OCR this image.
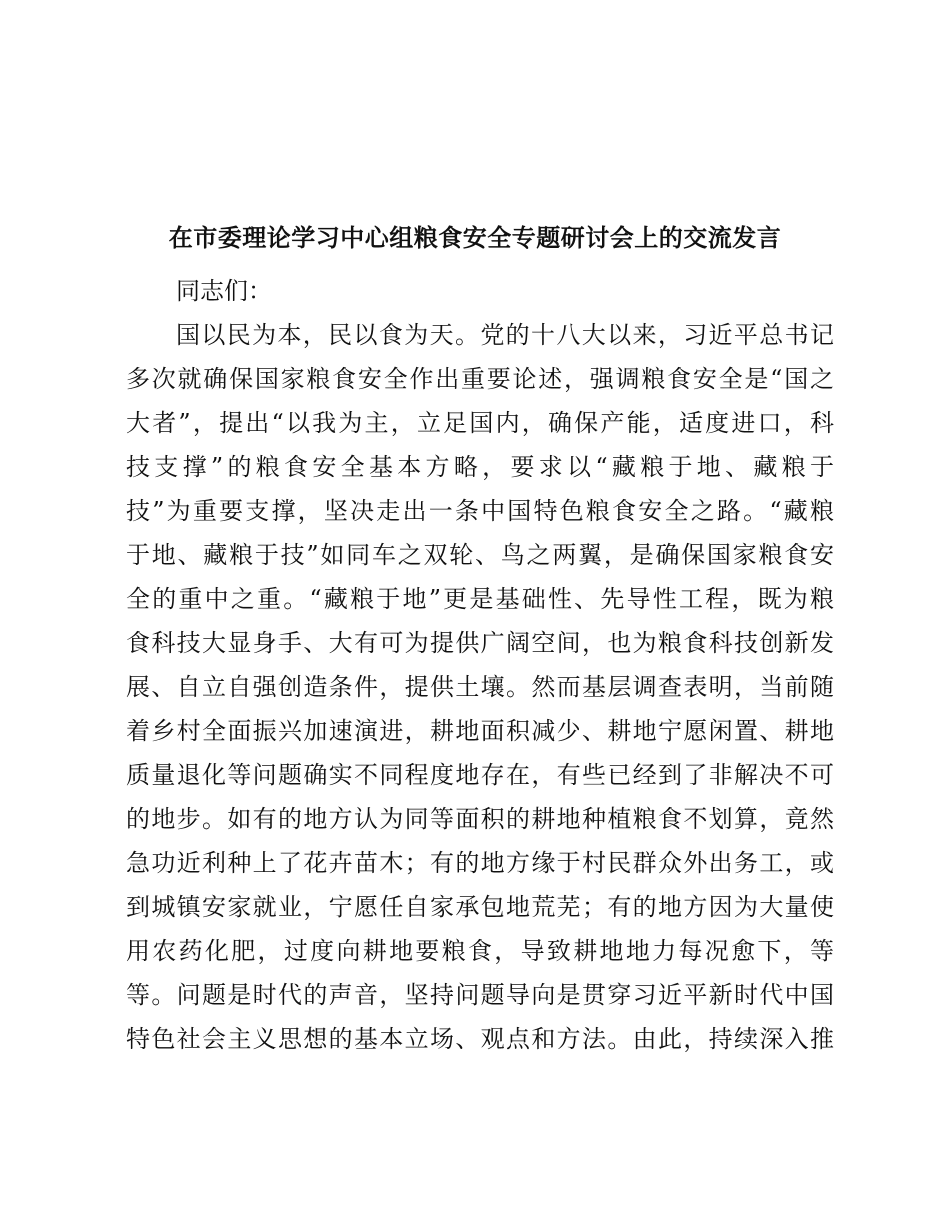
在市委理论学习中心组粮食安全专题研讨会上的交流发言
同志们：
国以民为本，民以食为天。党的十八大以来，习近平总书记
多次就确保国家粮食安全作出重要论述，强调粮食安全是“国之
大者”，提出“以我为主，立足国内，确保产能，适度进口，科
技支撑”的粮食安全基本方略，要求以“藏粮于地、藏粮于
技”为重要支撑，坚决走出一条中国特色粮食安全之路。“藏粮
于地、藏粮于技”如同车之双轮、鸟之两翼，是确保国家粮食安
全的重中之重。“藏粮于地”更是基础性、先导性工程，既为粮
食科技大显身手、大有可为提供广阔空间，也为粮食科技创新发
展、自立自强创造条件，提供土壤。然而基层调查表明，当前随
着乡村全面振兴加速演进，耕地面积减少、耕地宁愿闲置、耕地
质量退化等问题确实不同程度地存在，有些已经到了非解决不可
的地步。如有的地方认为同等面积的耕地种植粮食不划算，竟然
急功近利种上了花卉苗木；有的地方缘于村民群众外出务工，或
到城镇安家就业，宁愿任自家承包地荒芜；有的地方因为大量使
用农药化肥，过度向耕地要粮食，导致耕地地力每况愈下，等
等。问题是时代的声音，坚持问题导向是贯穿习近平新时代中国
特色社会主义思想的基本立场、观点和方法。由此，持续深入推
